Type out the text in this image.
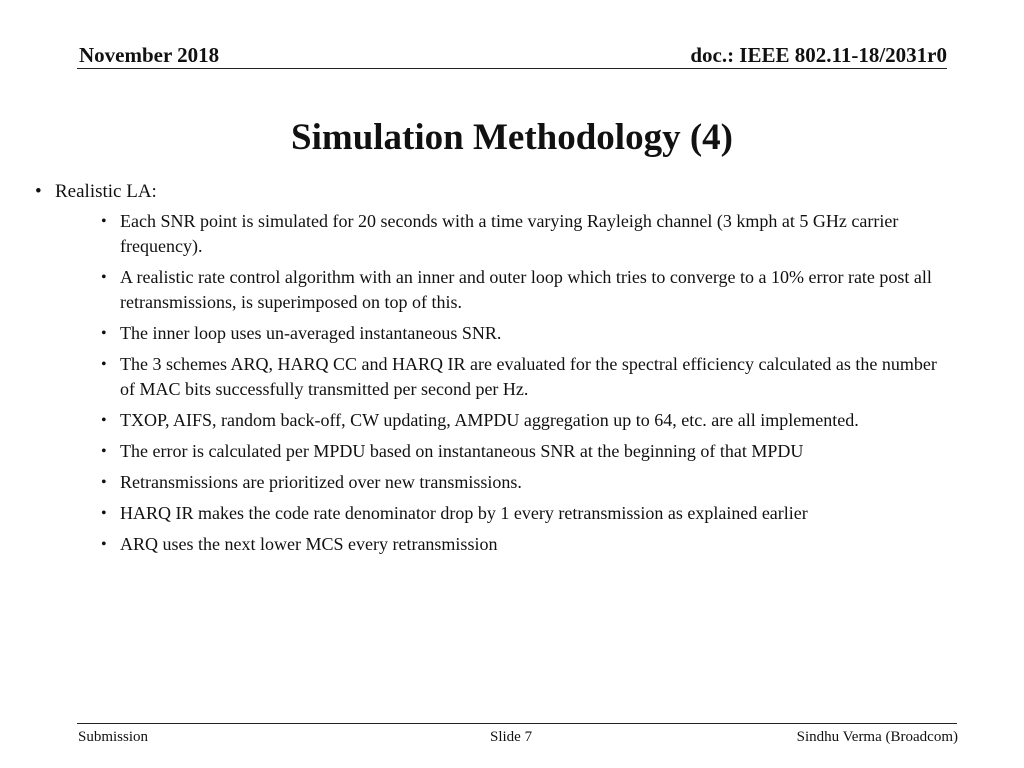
November 2018	doc.: IEEE 802.11-18/2031r0
Simulation Methodology (4)
• Realistic LA:
• Each SNR point is simulated for 20 seconds with a time varying Rayleigh channel (3 kmph at 5 GHz carrier frequency).
• A realistic rate control algorithm with an inner and outer loop which tries to converge to a 10% error rate post all retransmissions, is superimposed on top of this.
• The inner loop uses un-averaged instantaneous SNR.
• The 3 schemes ARQ, HARQ CC and HARQ IR are evaluated for the spectral efficiency calculated as the number of MAC bits successfully transmitted per second per Hz.
• TXOP, AIFS, random back-off, CW updating, AMPDU aggregation up to 64, etc. are all implemented.
• The error is calculated per MPDU based on instantaneous SNR at the beginning of that MPDU
• Retransmissions are prioritized over new transmissions.
• HARQ IR makes the code rate denominator drop by 1 every retransmission as explained earlier
• ARQ uses the next lower MCS every retransmission
Submission	Slide 7	Sindhu Verma (Broadcom)
